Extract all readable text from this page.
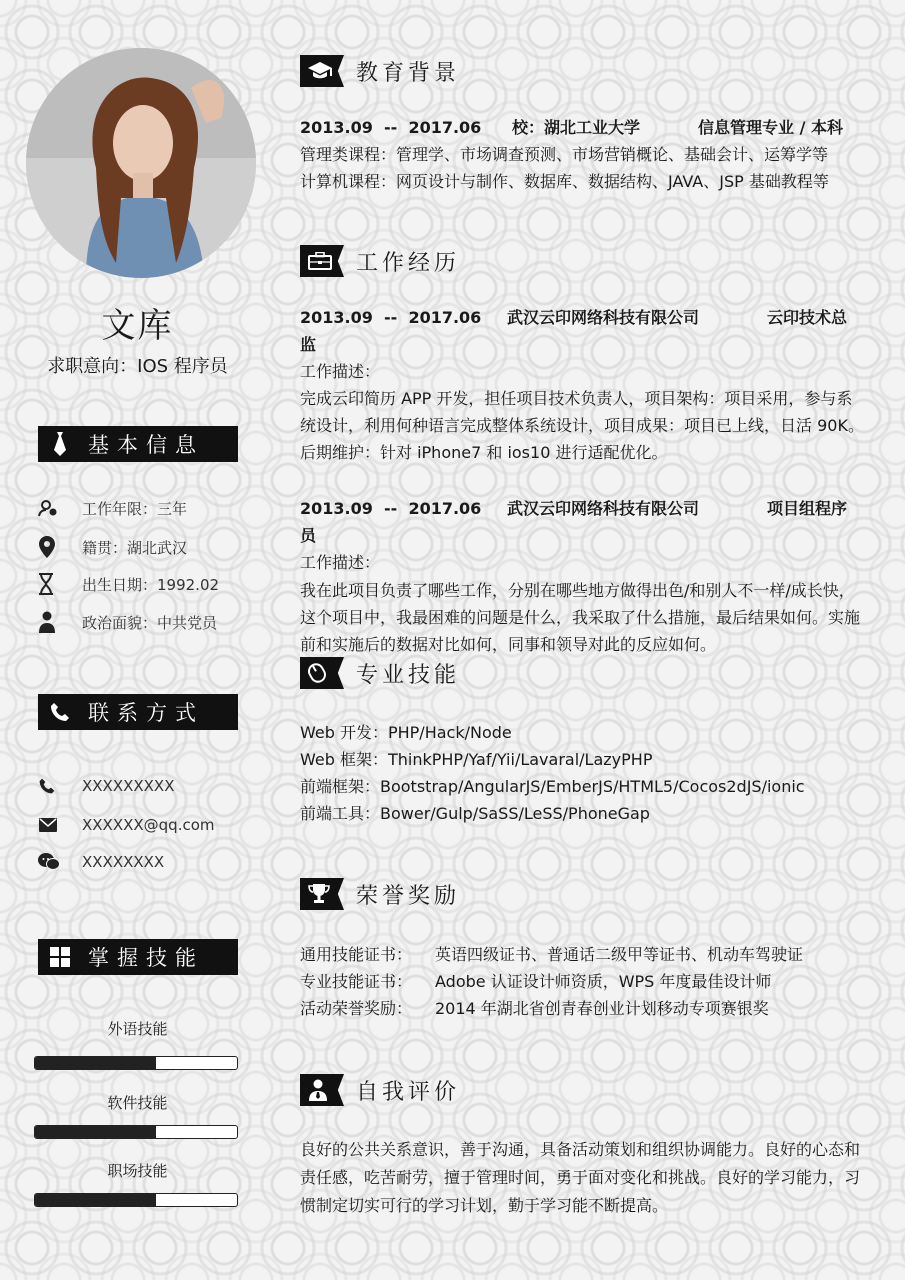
文库
求职意向：IOS 程序员
基本信息
工作年限：三年
籍贯：湖北武汉
出生日期：1992.02
政治面貌：中共党员
联系方式
XXXXXXXXX
XXXXXX@qq.com
XXXXXXXX
掌握技能
外语技能
软件技能
职场技能
教育背景
2013.09  --  2017.06	校：湖北工业大学	信息管理专业 / 本科
管理类课程：管理学、市场调查预测、市场营销概论、基础会计、运筹学等
计算机课程：网页设计与制作、数据库、数据结构、JAVA、JSP 基础教程等
工作经历
2013.09  --  2017.06	武汉云印网络科技有限公司	云印技术总
监
工作描述：
完成云印简历 APP 开发，担任项目技术负责人，项目架构：项目采用，参与系统设计，利用何种语言完成整体系统设计，项目成果：项目已上线，日活 90K。后期维护：针对 iPhone7 和 ios10 进行适配优化。
2013.09  --  2017.06	武汉云印网络科技有限公司	项目组程序
员
工作描述：
我在此项目负责了哪些工作，分别在哪些地方做得出色/和别人不一样/成长快，这个项目中，我最困难的问题是什么，我采取了什么措施，最后结果如何。实施前和实施后的数据对比如何，同事和领导对此的反应如何。
专业技能
Web 开发：PHP/Hack/Node
Web 框架：ThinkPHP/Yaf/Yii/Lavaral/LazyPHP
前端框架：Bootstrap/AngularJS/EmberJS/HTML5/Cocos2dJS/ionic
前端工具：Bower/Gulp/SaSS/LeSS/PhoneGap
荣誉奖励
通用技能证书：	英语四级证书、普通话二级甲等证书、机动车驾驶证
专业技能证书：	Adobe 认证设计师资质，WPS 年度最佳设计师
活动荣誉奖励：	2014 年湖北省创青春创业计划移动专项赛银奖
自我评价
良好的公共关系意识，善于沟通，具备活动策划和组织协调能力。良好的心态和责任感，吃苦耐劳，擅于管理时间，勇于面对变化和挑战。良好的学习能力，习惯制定切实可行的学习计划，勤于学习能不断提高。
